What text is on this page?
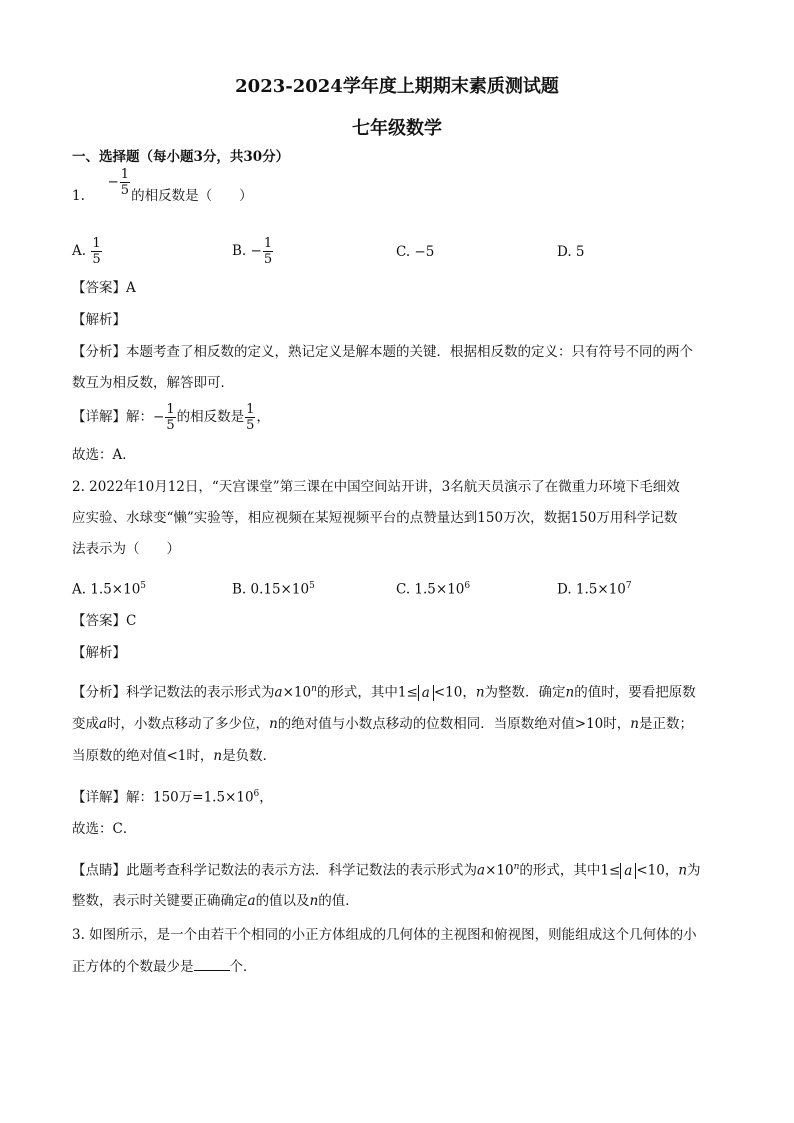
2023-2024学年度上期期末素质测试题
七年级数学
一、选择题（每小题3分，共30分）
1.  − $\frac{1}{5}$ 的相反数是（　　）
A. $\frac{1}{5}$	B. − $\frac{1}{5}$	C. −5	D. 5
【答案】A
【解析】
【分析】本题考查了相反数的定义，熟记定义是解本题的关键．根据相反数的定义：只有符号不同的两个
数互为相反数，解答即可．
【详解】解：− $\frac{1}{5}$ 的相反数是 $\frac{1}{5}$ ，
故选：A．
2. 2022年10月12日，“天宫课堂”第三课在中国空间站开讲，3名航天员演示了在微重力环境下毛细效
应实验、水球变“懒”实验等，相应视频在某短视频平台的点赞量达到150万次，数据150万用科学记数
法表示为（　　）
A. $1.5\times 10^5$	B. $0.15\times 10^5$	C. $1.5\times 10^6$	D. $1.5\times 10^7$
【答案】C
【解析】
【分析】科学记数法的表示形式为$a\times 10^n$的形式，其中1≤ a <10，n为整数．确定n的值时，要看把原数
变成a时，小数点移动了多少位，n的绝对值与小数点移动的位数相同．当原数绝对值>10时，n是正数；
当原数的绝对值<1时，n是负数．
【详解】解：150万$=1.5\times 10^6$，
故选：C．
【点睛】此题考查科学记数法的表示方法．科学记数法的表示形式为$a\times 10^n$的形式，其中1≤ a <10，n为
整数，表示时关键要正确确定a的值以及n的值．
3. 如图所示，是一个由若干个相同的小正方体组成的几何体的主视图和俯视图，则能组成这个几何体的小
正方体的个数最少是	个．
